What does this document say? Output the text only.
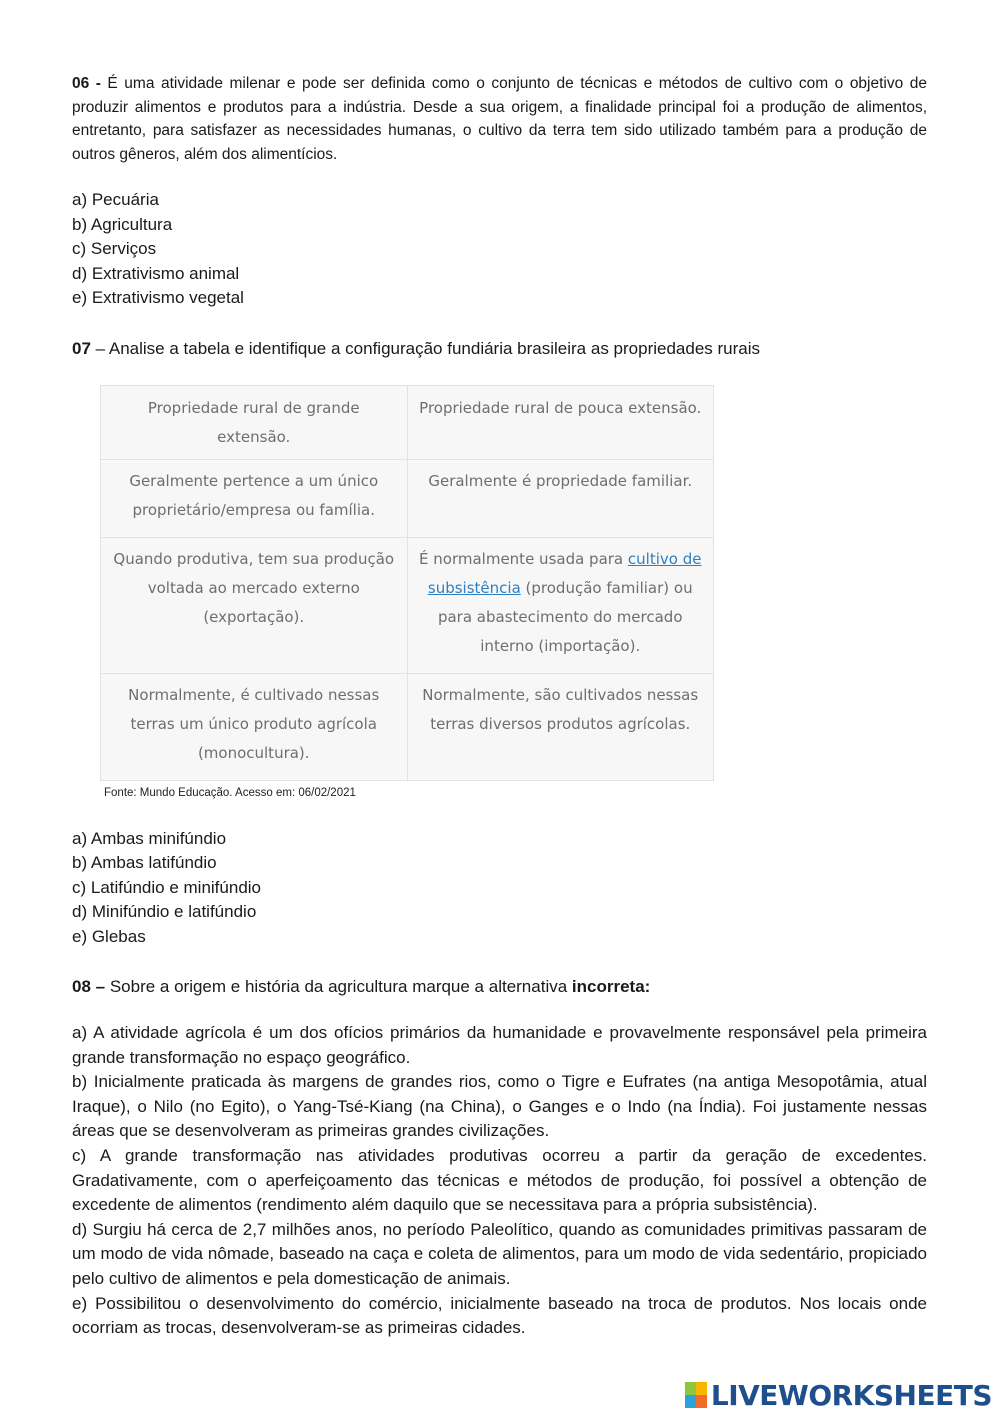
06 - É uma atividade milenar e pode ser definida como o conjunto de técnicas e métodos de cultivo com o objetivo de produzir alimentos e produtos para a indústria. Desde a sua origem, a finalidade principal foi a produção de alimentos, entretanto, para satisfazer as necessidades humanas, o cultivo da terra tem sido utilizado também para a produção de outros gêneros, além dos alimentícios.

a) Pecuária
b) Agricultura
c) Serviços
d) Extrativismo animal
e) Extrativismo vegetal

07 – Analise a tabela e identifique a configuração fundiária brasileira as propriedades rurais

Propriedade rural de grande extensão.	Propriedade rural de pouca extensão.
Geralmente pertence a um único proprietário/empresa ou família.	Geralmente é propriedade familiar.
Quando produtiva, tem sua produção voltada ao mercado externo (exportação).	É normalmente usada para cultivo de subsistência (produção familiar) ou para abastecimento do mercado interno (importação).
Normalmente, é cultivado nessas terras um único produto agrícola (monocultura).	Normalmente, são cultivados nessas terras diversos produtos agrícolas.
Fonte: Mundo Educação. Acesso em: 06/02/2021
a) Ambas minifúndio
b) Ambas latifúndio
c) Latifúndio e minifúndio
d) Minifúndio e latifúndio
e) Glebas

08 – Sobre a origem e história da agricultura marque a alternativa incorreta:

a) A atividade agrícola é um dos ofícios primários da humanidade e provavelmente responsável pela primeira grande transformação no espaço geográfico.
b) Inicialmente praticada às margens de grandes rios, como o Tigre e Eufrates (na antiga Mesopotâmia, atual Iraque), o Nilo (no Egito), o Yang-Tsé-Kiang (na China), o Ganges e o Indo (na Índia). Foi justamente nessas áreas que se desenvolveram as primeiras grandes civilizações.
c) A grande transformação nas atividades produtivas ocorreu a partir da geração de excedentes. Gradativamente, com o aperfeiçoamento das técnicas e métodos de produção, foi possível a obtenção de excedente de alimentos (rendimento além daquilo que se necessitava para a própria subsistência).
d) Surgiu há cerca de 2,7 milhões anos, no período Paleolítico, quando as comunidades primitivas passaram de um modo de vida nômade, baseado na caça e coleta de alimentos, para um modo de vida sedentário, propiciado pelo cultivo de alimentos e pela domesticação de animais.
e) Possibilitou o desenvolvimento do comércio, inicialmente baseado na troca de produtos. Nos locais onde ocorriam as trocas, desenvolveram-se as primeiras cidades.
LIVEWORKSHEETS
